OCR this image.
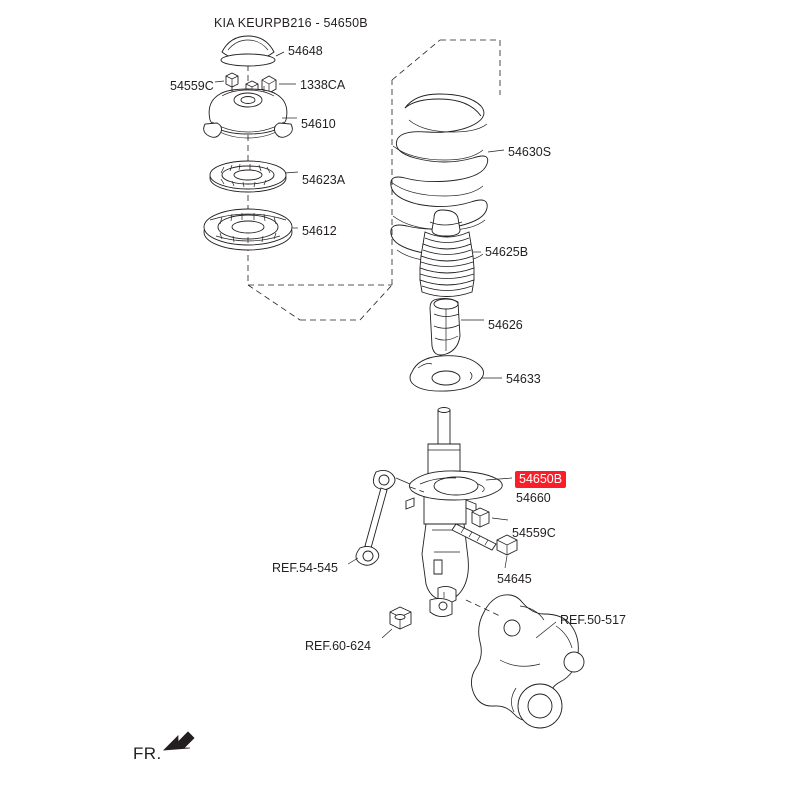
KIA KEURPB216 - 54650B
54648
54559C	1338CA
54610
54630S
54623A
54612
54625B
54626
54633
54650B
54660
54559C
54645
REF.54-545
REF.60-624
REF.50-517
FR.
